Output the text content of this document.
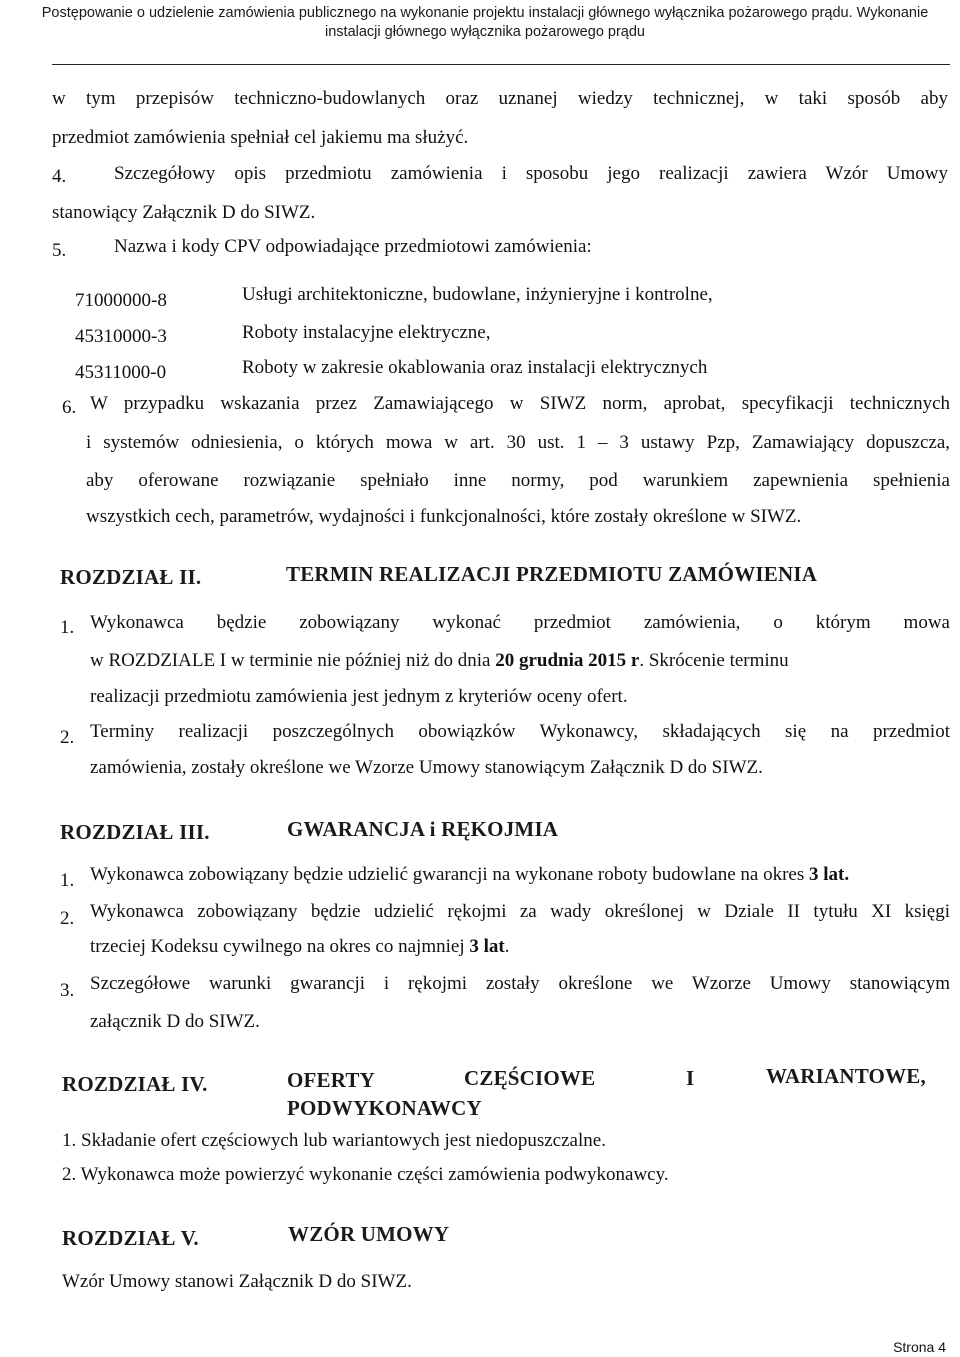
Postępowanie o udzielenie zamówienia publicznego na wykonanie projektu instalacji głównego wyłącznika pożarowego prądu. Wykonanie
instalacji głównego wyłącznika pożarowego prądu
w tym przepisów techniczno-budowlanych oraz uznanej wiedzy technicznej, w taki sposób aby
przedmiot zamówienia spełniał cel jakiemu ma służyć.
4.	Szczegółowy opis przedmiotu zamówienia i sposobu jego realizacji zawiera Wzór Umowy
stanowiący Załącznik D do SIWZ.
5.	Nazwa i kody CPV odpowiadające przedmiotowi zamówienia:
71000000-8	Usługi architektoniczne, budowlane, inżynieryjne i kontrolne,
45310000-3	Roboty instalacyjne elektryczne,
45311000-0	Roboty w zakresie okablowania oraz instalacji elektrycznych
6. W przypadku wskazania przez Zamawiającego w SIWZ norm, aprobat, specyfikacji technicznych
i systemów odniesienia, o których mowa w art. 30 ust. 1 – 3 ustawy Pzp, Zamawiający dopuszcza,
aby oferowane rozwiązanie spełniało inne normy, pod warunkiem zapewnienia spełnienia
wszystkich cech, parametrów, wydajności i funkcjonalności, które zostały określone w SIWZ.
ROZDZIAŁ II.	TERMIN REALIZACJI PRZEDMIOTU ZAMÓWIENIA
1. Wykonawca będzie zobowiązany wykonać przedmiot zamówienia, o którym mowa
w ROZDZIALE I w terminie nie później niż do dnia 20 grudnia 2015 r. Skrócenie terminu
realizacji przedmiotu zamówienia jest jednym z kryteriów oceny ofert.
2. Terminy realizacji poszczególnych obowiązków Wykonawcy, składających się na przedmiot
zamówienia, zostały określone we Wzorze Umowy stanowiącym Załącznik D do SIWZ.
ROZDZIAŁ III.	GWARANCJA i RĘKOJMIA
1. Wykonawca zobowiązany będzie udzielić gwarancji na wykonane roboty budowlane na okres 3 lat.
2. Wykonawca zobowiązany będzie udzielić rękojmi za wady określonej w Dziale II tytułu XI księgi
trzeciej Kodeksu cywilnego na okres co najmniej 3 lat.
3. Szczegółowe warunki gwarancji i rękojmi zostały określone we Wzorze Umowy stanowiącym
załącznik D do SIWZ.
ROZDZIAŁ IV.	OFERTY	CZĘŚCIOWE	I	WARIANTOWE,
PODWYKONAWCY
1. Składanie ofert częściowych lub wariantowych jest niedopuszczalne.
2. Wykonawca może powierzyć wykonanie części zamówienia podwykonawcy.
ROZDZIAŁ V.	WZÓR UMOWY
Wzór Umowy stanowi Załącznik D do SIWZ.
Strona 4
